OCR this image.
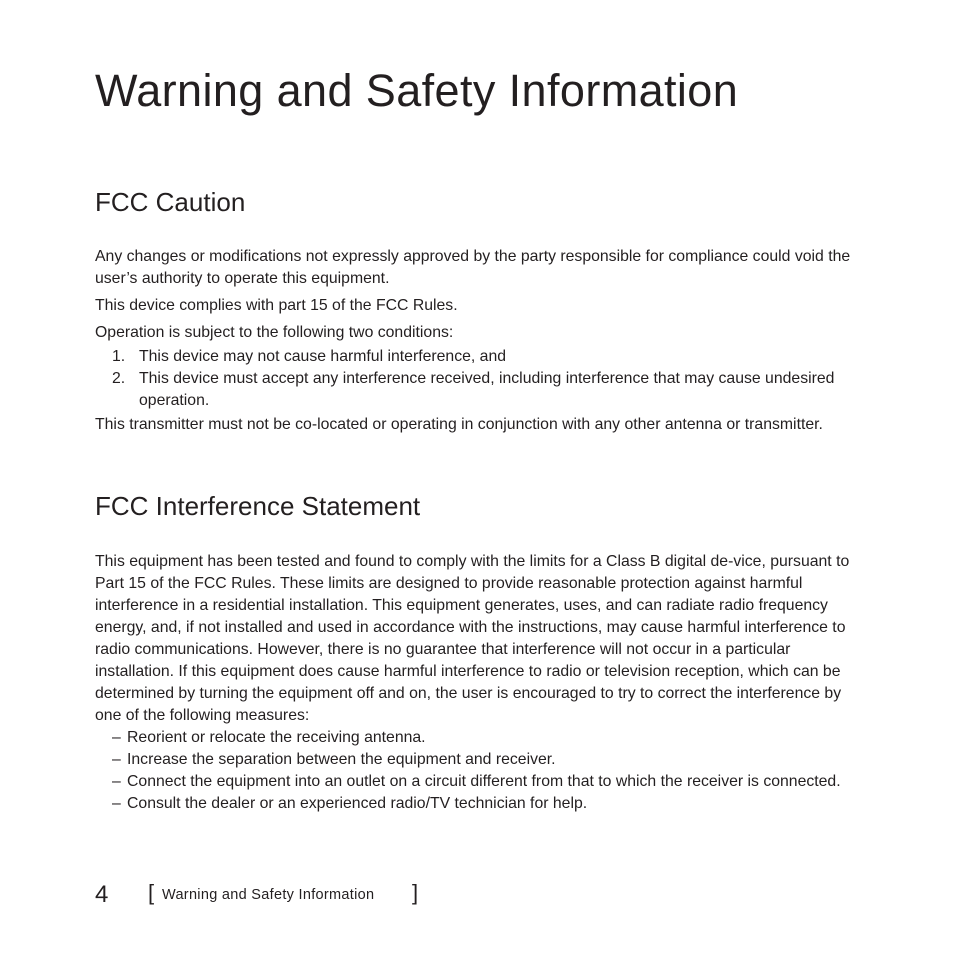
Warning and Safety Information
FCC Caution

Any changes or modifications not expressly approved by the party responsible for compliance could void the user’s authority to operate this equipment.

This device complies with part 15 of the FCC Rules.

Operation is subject to the following two conditions:

1. This device may not cause harmful interference, and
2. This device must accept any interference received, including interference that may cause undesired operation.

This transmitter must not be co-located or operating in conjunction with any other antenna or transmitter.

FCC Interference Statement

This equipment has been tested and found to comply with the limits for a Class B digital de-vice, pursuant to Part 15 of the FCC Rules. These limits are designed to provide reasonable protection against harmful interference in a residential installation. This equipment generates, uses, and can radiate radio frequency energy, and, if not installed and used in accordance with the instructions, may cause harmful interference to radio communications. However, there is no guarantee that interference will not occur in a particular installation. If this equipment does cause harmful interference to radio or television reception, which can be determined by turning the equipment off and on, the user is encouraged to try to correct the interference by one of the following measures:

– Reorient or relocate the receiving antenna.
– Increase the separation between the equipment and receiver.
– Connect the equipment into an outlet on a circuit different from that to which the receiver is connected.
– Consult the dealer or an experienced radio/TV technician for help.
4 [ Warning and Safety Information ]
